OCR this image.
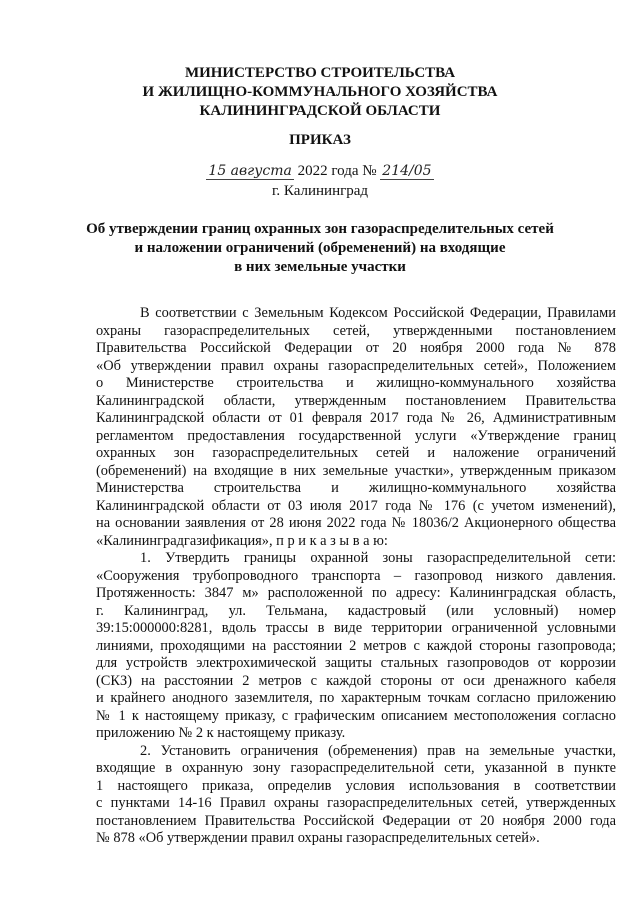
МИНИСТЕРСТВО СТРОИТЕЛЬСТВА
И ЖИЛИЩНО-КОММУНАЛЬНОГО ХОЗЯЙСТВА
КАЛИНИНГРАДСКОЙ ОБЛАСТИ
ПРИКАЗ
15 августа 2022 года № 214/05
г. Калининград
Об утверждении границ охранных зон газораспределительных сетей
и наложении ограничений (обременений) на входящие
в них земельные участки
В соответствии с Земельным Кодексом Российской Федерации, Правилами
охраны газораспределительных сетей, утвержденными постановлением
Правительства Российской Федерации от 20 ноября 2000 года № 878
«Об утверждении правил охраны газораспределительных сетей», Положением
о Министерстве строительства и жилищно-коммунального хозяйства
Калининградской области, утвержденным постановлением Правительства
Калининградской области от 01 февраля 2017 года № 26, Административным
регламентом предоставления государственной услуги «Утверждение границ
охранных зон газораспределительных сетей и наложение ограничений
(обременений) на входящие в них земельные участки», утвержденным приказом
Министерства строительства и жилищно-коммунального хозяйства
Калининградской области от 03 июля 2017 года № 176 (с учетом изменений),
на основании заявления от 28 июня 2022 года № 18036/2 Акционерного общества
«Калининградгазификация», п р и к а з ы в а ю:
1. Утвердить границы охранной зоны газораспределительной сети:
«Сооружения трубопроводного транспорта – газопровод низкого давления.
Протяженность: 3847 м» расположенной по адресу: Калининградская область,
г. Калининград, ул. Тельмана, кадастровый (или условный) номер
39:15:000000:8281, вдоль трассы в виде территории ограниченной условными
линиями, проходящими на расстоянии 2 метров с каждой стороны газопровода;
для устройств электрохимической защиты стальных газопроводов от коррозии
(СКЗ) на расстоянии 2 метров с каждой стороны от оси дренажного кабеля
и крайнего анодного заземлителя, по характерным точкам согласно приложению
№ 1 к настоящему приказу, с графическим описанием местоположения согласно
приложению № 2 к настоящему приказу.
2. Установить ограничения (обременения) прав на земельные участки,
входящие в охранную зону газораспределительной сети, указанной в пункте
1 настоящего приказа, определив условия использования в соответствии
с пунктами 14-16 Правил охраны газораспределительных сетей, утвержденных
постановлением Правительства Российской Федерации от 20 ноября 2000 года
№ 878 «Об утверждении правил охраны газораспределительных сетей».
